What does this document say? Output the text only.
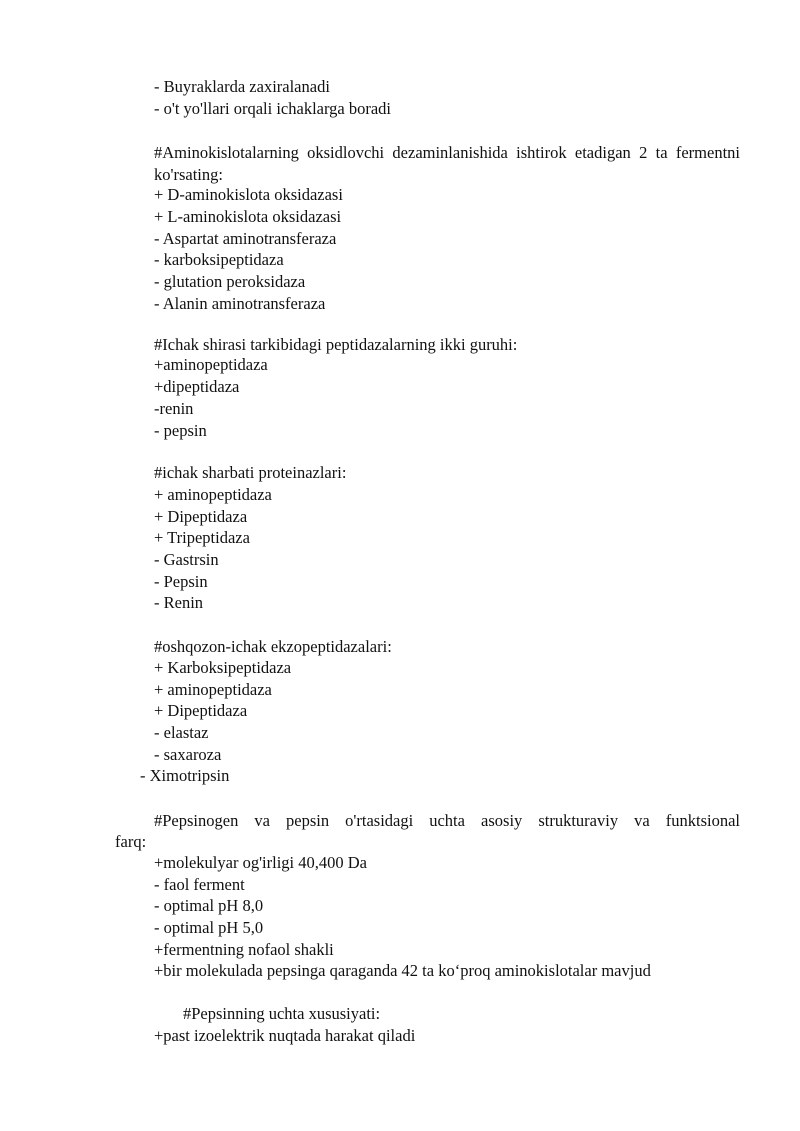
- Buyraklarda zaxiralanadi
- o't yo'llari orqali ichaklarga boradi
#Aminokislotalarning oksidlovchi dezaminlanishida ishtirok etadigan 2 ta fermentni ko'rsating:
+ D-aminokislota oksidazasi
+ L-aminokislota oksidazasi
- Aspartat aminotransferaza
- karboksipeptidaza
- glutation peroksidaza
- Alanin aminotransferaza
#Ichak shirasi tarkibidagi peptidazalarning ikki guruhi:
+aminopeptidaza
+dipeptidaza
-renin
- pepsin
#ichak sharbati proteinazlari:
+ aminopeptidaza
+ Dipeptidaza
+ Tripeptidaza
- Gastrsin
- Pepsin
- Renin
#oshqozon-ichak ekzopeptidazalari:
+ Karboksipeptidaza
+ aminopeptidaza
+ Dipeptidaza
- elastaz
- saxaroza
- Ximotripsin
#Pepsinogen va pepsin o'rtasidagi uchta asosiy strukturaviy va funktsional
farq:
+molekulyar og'irligi 40,400 Da
- faol ferment
- optimal pH 8,0
- optimal pH 5,0
+fermentning nofaol shakli
+bir molekulada pepsinga qaraganda 42 ta ko‘proq aminokislotalar mavjud
#Pepsinning uchta xususiyati:
+past izoelektrik nuqtada harakat qiladi
